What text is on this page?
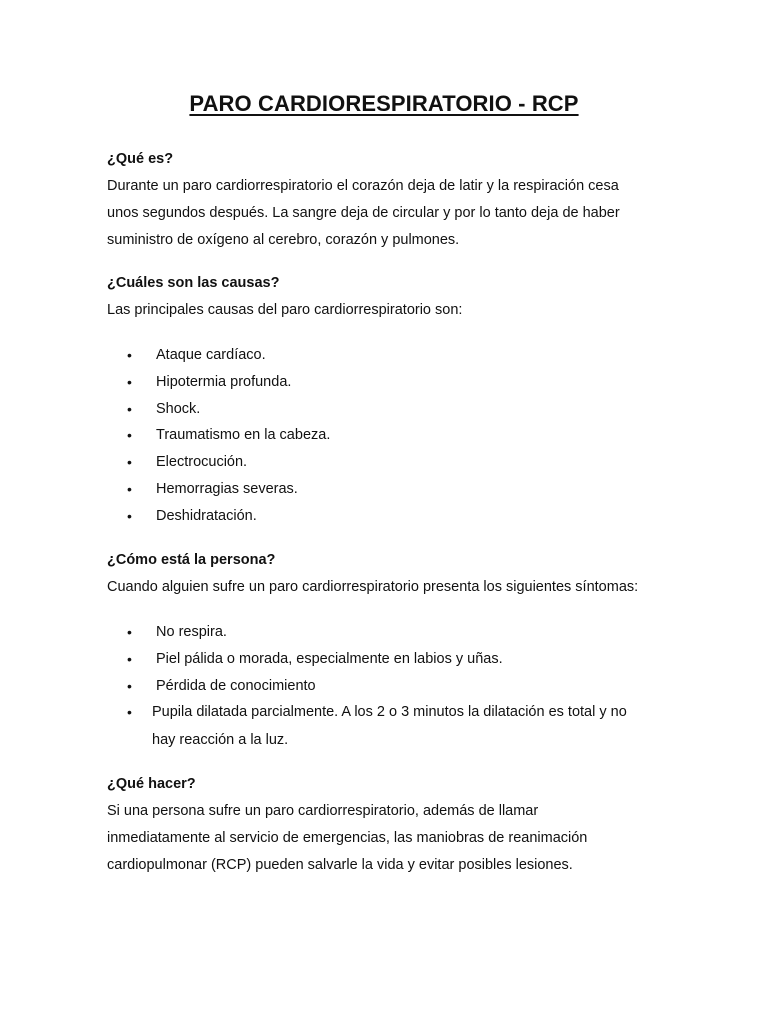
PARO CARDIORESPIRATORIO - RCP

¿Qué es?

Durante un paro cardiorrespiratorio el corazón deja de latir y la respiración cesa

unos segundos después. La sangre deja de circular y por lo tanto deja de haber

suministro de oxígeno al cerebro, corazón y pulmones.

¿Cuáles son las causas?

Las principales causas del paro cardiorrespiratorio son:

•	Ataque cardíaco.
•	Hipotermia profunda.
•	Shock.
•	Traumatismo en la cabeza.
•	Electrocución.
•	Hemorragias severas.
•	Deshidratación.

¿Cómo está la persona?

Cuando alguien sufre un paro cardiorrespiratorio presenta los siguientes síntomas:

•	No respira.
•	Piel pálida o morada, especialmente en labios y uñas.
•	Pérdida de conocimiento
•	Pupila dilatada parcialmente. A los 2 o 3 minutos la dilatación es total y no
hay reacción a la luz.

¿Qué hacer?

Si una persona sufre un paro cardiorrespiratorio, además de llamar

inmediatamente al servicio de emergencias, las maniobras de reanimación

cardiopulmonar (RCP) pueden salvarle la vida y evitar posibles lesiones.
